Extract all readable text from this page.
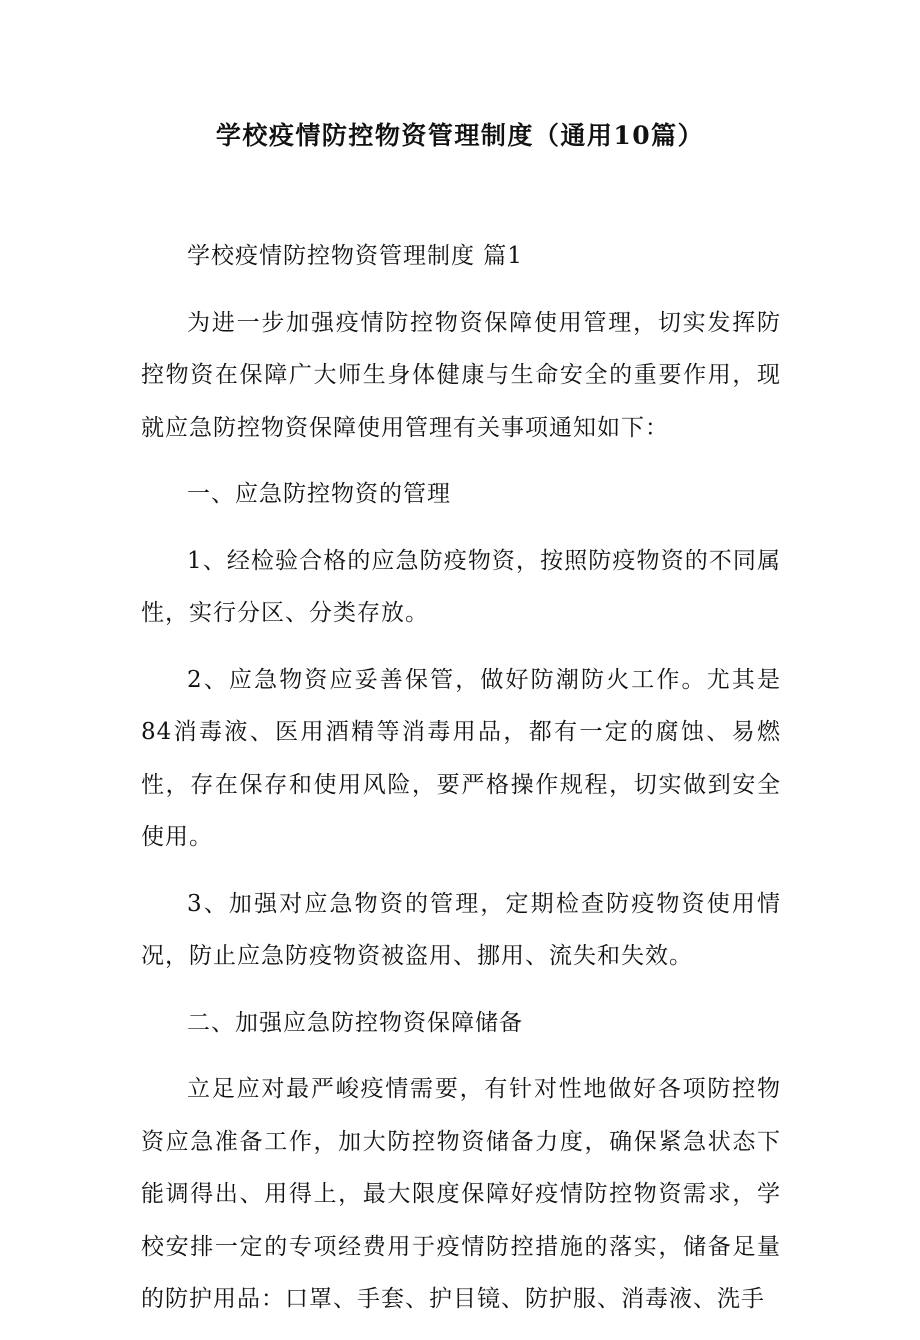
学校疫情防控物资管理制度（通用10篇）

学校疫情防控物资管理制度 篇1

为进一步加强疫情防控物资保障使用管理，切实发挥防控物资在保障广大师生身体健康与生命安全的重要作用，现就应急防控物资保障使用管理有关事项通知如下：

一、应急防控物资的管理

1、经检验合格的应急防疫物资，按照防疫物资的不同属性，实行分区、分类存放。

2、应急物资应妥善保管，做好防潮防火工作。尤其是84消毒液、医用酒精等消毒用品，都有一定的腐蚀、易燃性，存在保存和使用风险，要严格操作规程，切实做到安全使用。

3、加强对应急物资的管理，定期检查防疫物资使用情况，防止应急防疫物资被盗用、挪用、流失和失效。

二、加强应急防控物资保障储备

立足应对最严峻疫情需要，有针对性地做好各项防控物资应急准备工作，加大防控物资储备力度，确保紧急状态下能调得出、用得上，最大限度保障好疫情防控物资需求，学校安排一定的专项经费用于疫情防控措施的落实，储备足量的防护用品：口罩、手套、护目镜、防护服、消毒液、洗手
